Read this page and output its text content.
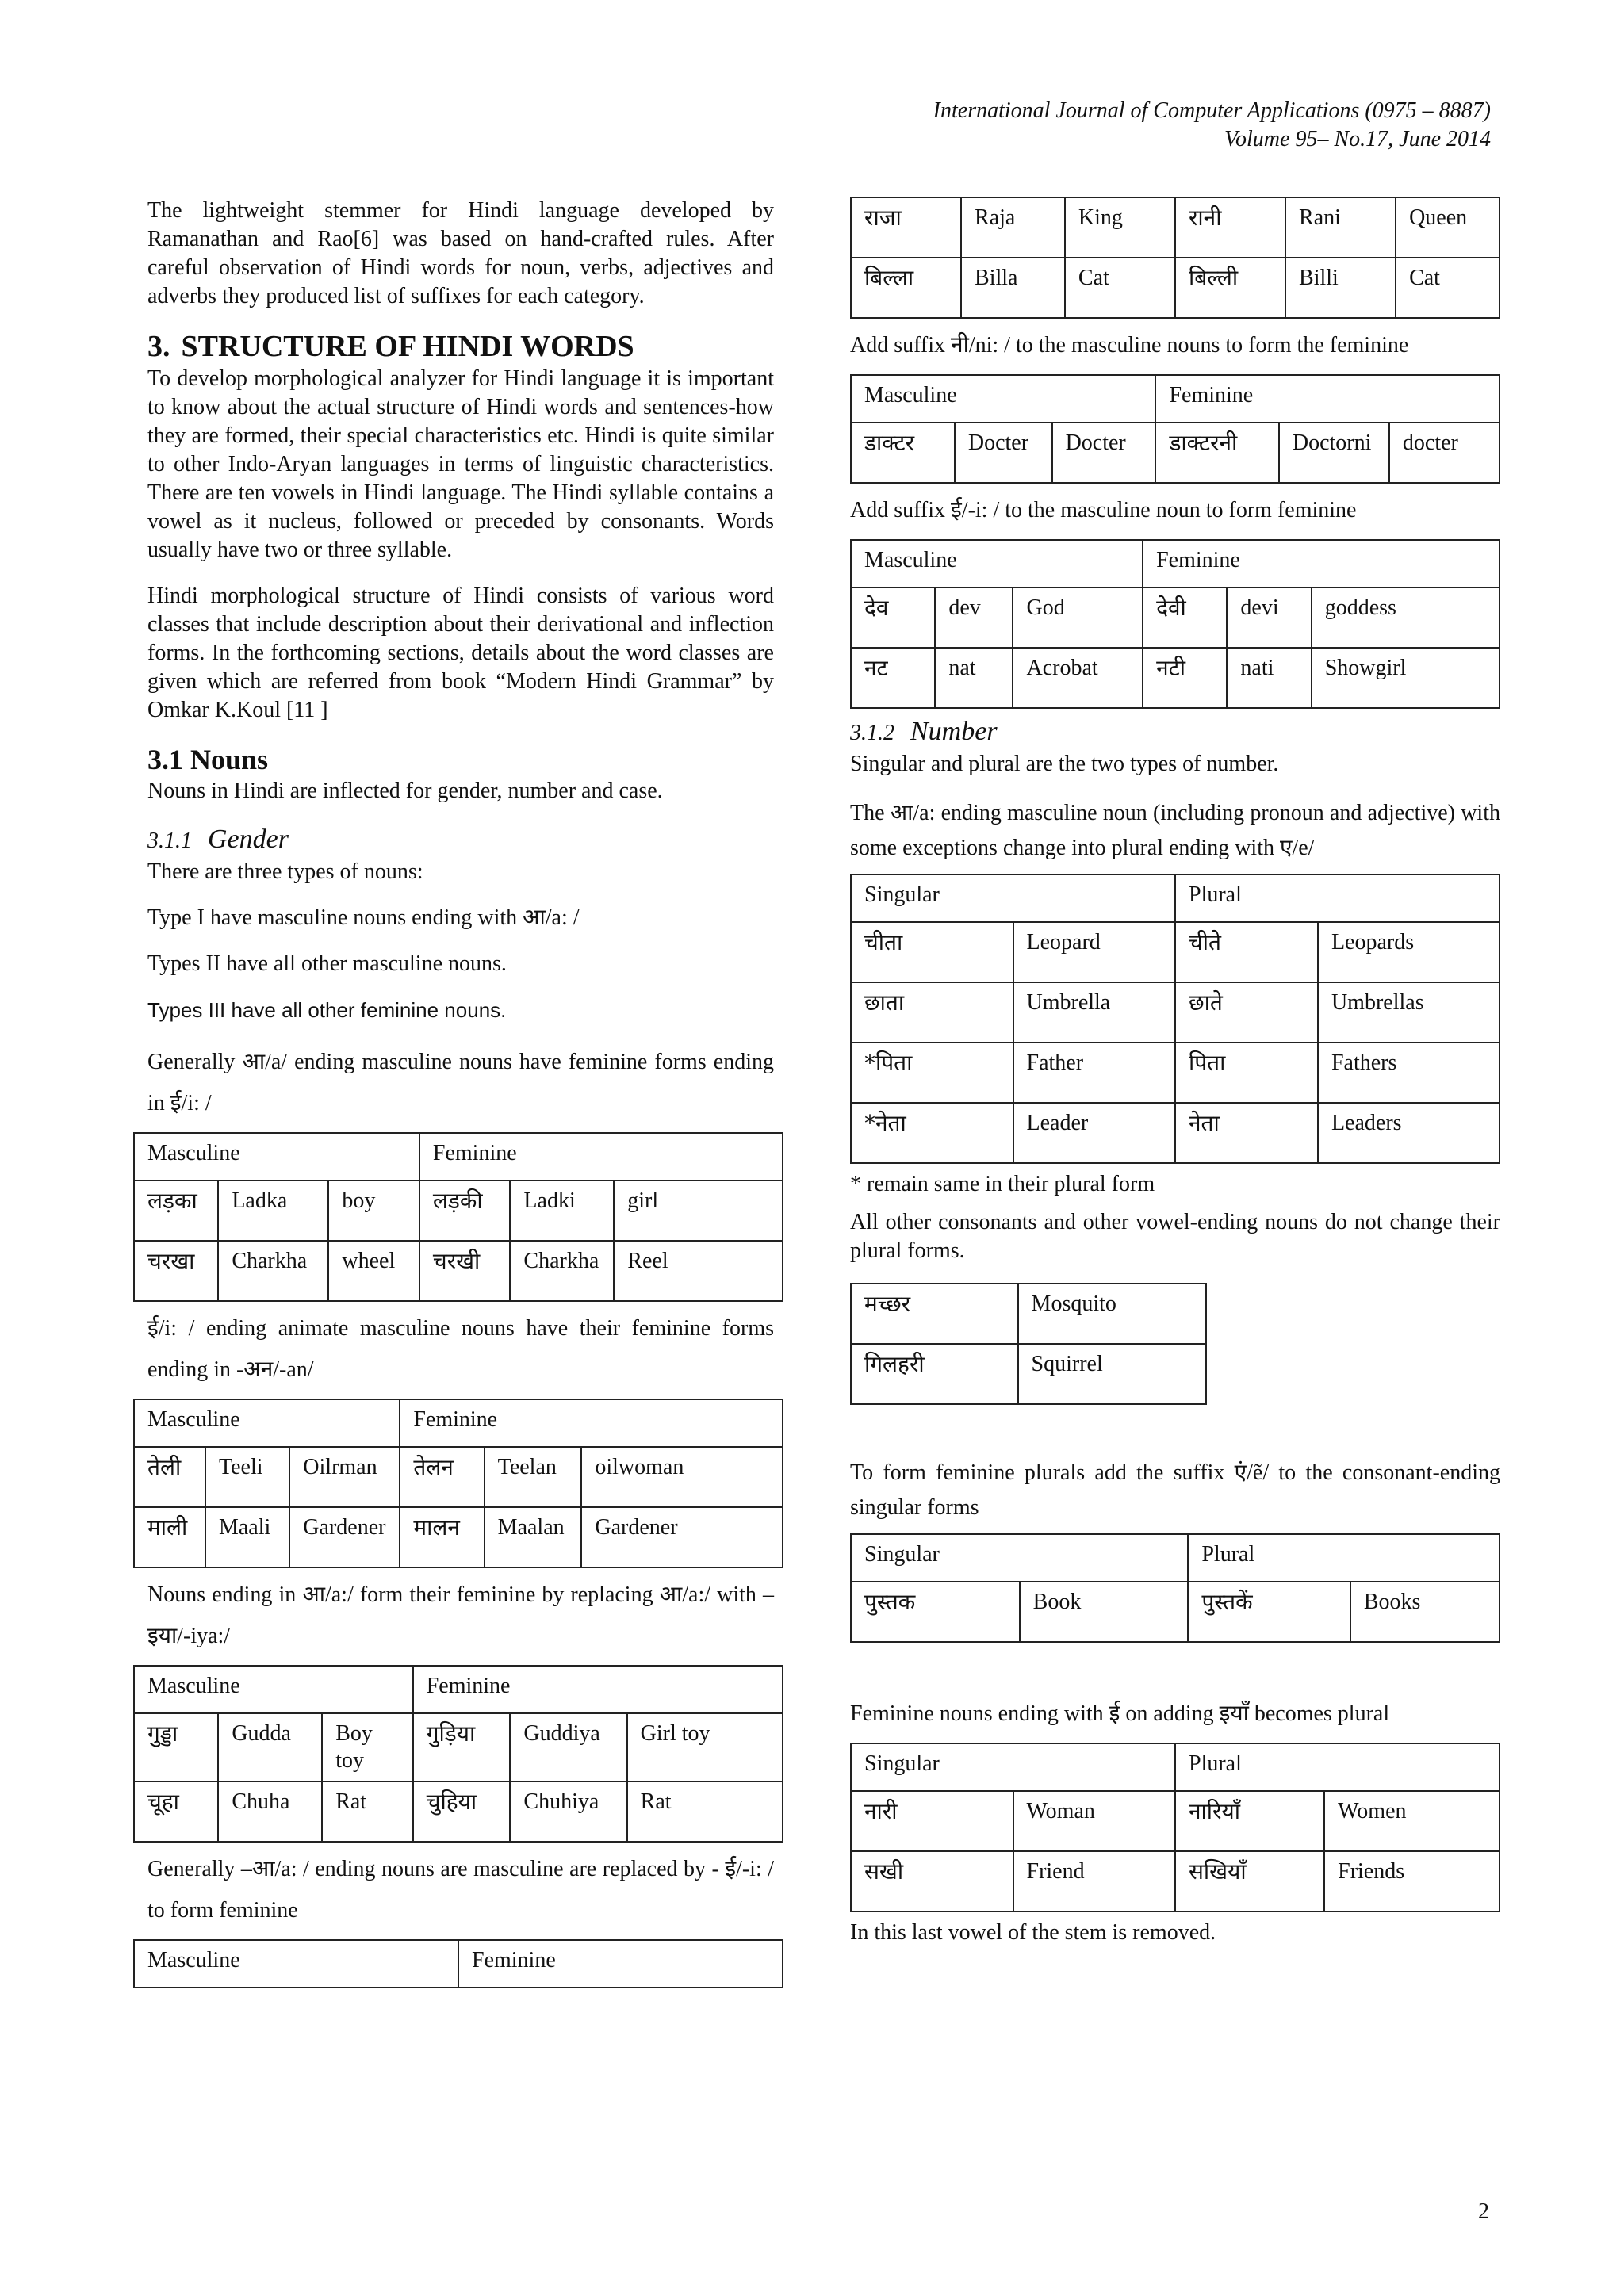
International Journal of Computer Applications (0975 – 8887)
Volume 95– No.17, June 2014

The lightweight stemmer for Hindi language developed by Ramanathan and Rao[6] was based on hand-crafted rules. After careful observation of Hindi words for noun, verbs, adjectives and adverbs they produced list of suffixes for each category.

3. STRUCTURE OF HINDI WORDS

To develop morphological analyzer for Hindi language it is important to know about the actual structure of Hindi words and sentences-how they are formed, their special characteristics etc. Hindi is quite similar to other Indo-Aryan languages in terms of linguistic characteristics. There are ten vowels in Hindi language. The Hindi syllable contains a vowel as it nucleus, followed or preceded by consonants. Words usually have two or three syllable.

Hindi morphological structure of Hindi consists of various word classes that include description about their derivational and inflection forms. In the forthcoming sections, details about the word classes are given which are referred from book “Modern Hindi Grammar” by Omkar K.Koul [11 ]

3.1 Nouns

Nouns in Hindi are inflected for gender, number and case.

3.1.1 Gender

There are three types of nouns:

Type I have masculine nouns ending with आ/a: /

Types II have all other masculine nouns.

Types III have all other feminine nouns.

Generally आ/a/ ending masculine nouns have feminine forms ending in ई/i: /

Masculine			Feminine		
लड़का	Ladka	boy	लड़की	Ladki	girl
चरखा	Charkha	wheel	चरखी	Charkha	Reel

ई/i: / ending animate masculine nouns have their feminine forms ending in -अन/-an/

Masculine			Feminine		
तेली	Teeli	Oilrman	तेलन	Teelan	oilwoman
माली	Maali	Gardener	मालन	Maalan	Gardener

Nouns ending in आ/a:/ form their feminine by replacing आ/a:/ with –इया/-iya:/

Masculine			Feminine		
गुड्डा	Gudda	Boy toy	गुड़िया	Guddiya	Girl toy
चूहा	Chuha	Rat	चुहिया	Chuhiya	Rat

Generally –आ/a: / ending nouns are masculine are replaced by - ई/-i: / to form feminine

Masculine	Feminine
राजा	Raja	King	रानी	Rani	Queen
बिल्ला	Billa	Cat	बिल्ली	Billi	Cat

Add suffix नी/ni: / to the masculine nouns to form the feminine

Masculine			Feminine		
डाक्टर	Docter	Docter	डाक्टरनी	Doctorni	docter

Add suffix ई/-i: / to the masculine noun to form feminine

Masculine			Feminine		
देव	dev	God	देवी	devi	goddess
नट	nat	Acrobat	नटी	nati	Showgirl
3.1.2 Number

Singular and plural are the two types of number.

The आ/a: ending masculine noun (including pronoun and adjective) with some exceptions change into plural ending with ए/e/

Singular		Plural	
चीता	Leopard	चीते	Leopards
छाता	Umbrella	छाते	Umbrellas
*पिता	Father	पिता	Fathers
*नेता	Leader	नेता	Leaders

* remain same in their plural form

All other consonants and other vowel-ending nouns do not change their plural forms.

मच्छर	Mosquito
गिलहरी	Squirrel

To form feminine plurals add the suffix एं/ẽ/ to the consonant-ending singular forms

Singular		Plural	
पुस्तक	Book	पुस्तकें	Books

Feminine nouns ending with ई on adding इयाँ becomes plural

Singular		Plural	
नारी	Woman	नारियाँ	Women
सखी	Friend	सखियाँ	Friends

In this last vowel of the stem is removed.

2
